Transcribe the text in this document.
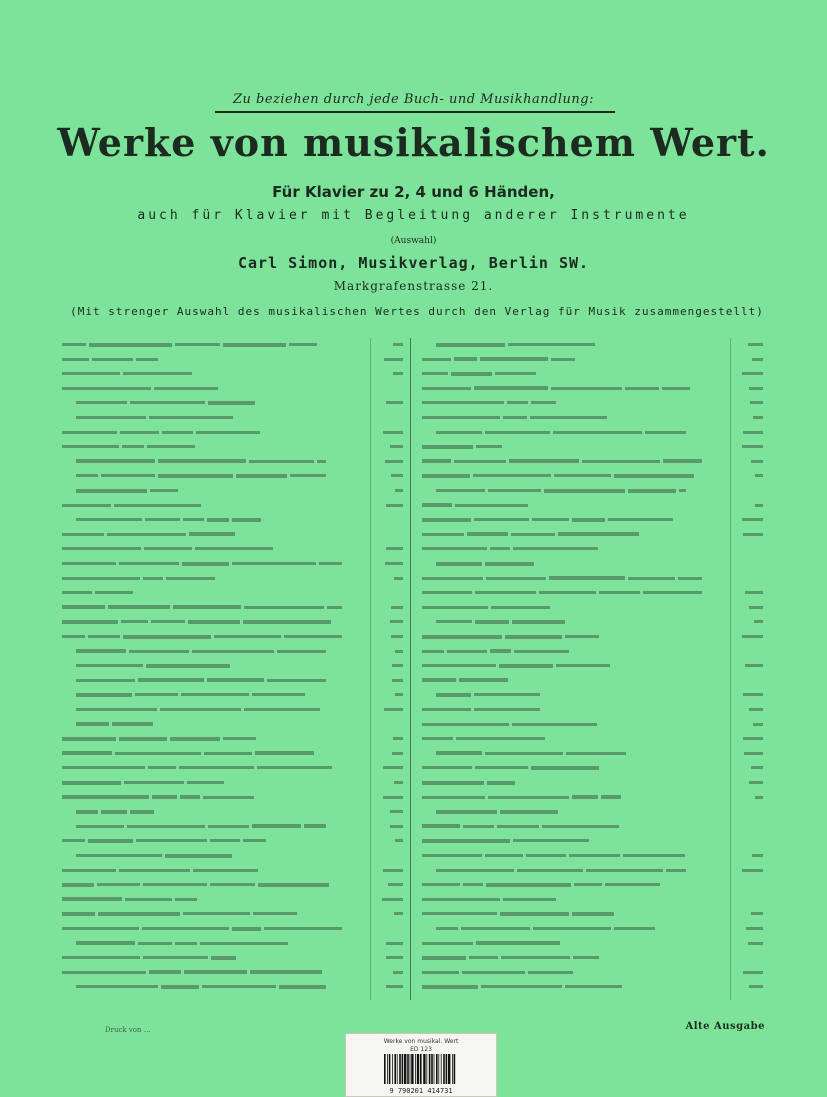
Zu beziehen durch jede Buch- und Musikhandlung:
Werke von musikalischem Wert.
Für Klavier zu 2, 4 und 6 Händen,
auch für Klavier mit Begleitung anderer Instrumente
(Auswahl)
Carl Simon, Musikverlag, Berlin SW.
Markgrafenstrasse 21.
(Mit strenger Auswahl des musikalischen Wertes durch den Verlag für Musik zusammengestellt)
Druck von ...	Alte Ausgabe
Werke von musikal. Wert
ED 123
9 790201 414731
